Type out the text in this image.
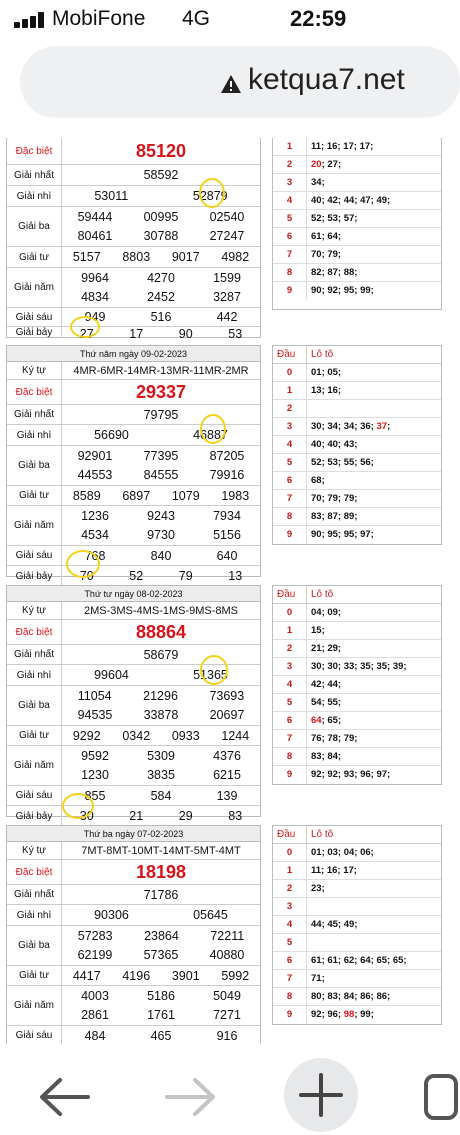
MobiFone 4G	22:59
ketqua7.net
Đặc biệt	85120
Giải nhất	58592
Giải nhì	53011	52879
Giải ba
59444 00995 02540
80461 30788 27247
Giải tư	5157 8803 9017 4982
Giải năm
9964	4270	1599
4834	2452	3287
Giải sáu	949	516	442
Giải bảy	27	17	90	53
1	11; 16; 17; 17;
2	20; 27;
3	34;
4	40; 42; 44; 47; 49;
5	52; 53; 57;
6	61; 64;
7	70; 79;
8	82; 87; 88;
9	90; 92; 95; 99;
Thứ năm ngày 09-02-2023
Ký tự	4MR-6MR-14MR-13MR-11MR-2MR
Đặc biệt	29337
Giải nhất	79795
Giải nhì	56690	46887
Giải ba
92901 77395 87205
44553 84555 79916
Giải tư	8589 6897 1079 1983
Giải năm
1236	9243	7934
4534	9730	5156
Giải sáu	768	840	640
Giải bảy	70	52	79	13
Đầu	Lô tô
0	01; 05;
1	13; 16;
2
3	30; 34; 34; 36; 37;
4	40; 40; 43;
5	52; 53; 55; 56;
6	68;
7	70; 79; 79;
8	83; 87; 89;
9	90; 95; 95; 97;
Thứ tư ngày 08-02-2023
Ký tự	2MS-3MS-4MS-1MS-9MS-8MS
Đặc biệt	88864
Giải nhất	58679
Giải nhì	99604	51365
Giải ba
11054	21296	73693
94535 33878 20697
Giải tư	9292 0342 0933 1244
Giải năm
9592	5309	4376
1230	3835	6215
Giải sáu	855	584	139
Giải bảy	30	21	29	83
Đầu	Lô tô
0	04; 09;
1	15;
2	21; 29;
3	30; 30; 33; 35; 35; 39;
4	42; 44;
5	54; 55;
6	64; 65;
7	76; 78; 79;
8	83; 84;
9	92; 92; 93; 96; 97;
Thứ ba ngày 07-02-2023
Ký tự	7MT-8MT-10MT-14MT-5MT-4MT
Đặc biệt	18198
Giải nhất	71786
Giải nhì	90306	05645
Giải ba
57283	23864	72211
62199 57365 40880
Giải tư	4417 4196 3901 5992
Giải năm
4003	5186	5049
2861	1761	7271
Giải sáu	484	465	916
Đầu	Lô tô
0	01; 03; 04; 06;
1	11; 16; 17;
2	23;
3
4	44; 45; 49;
5
6	61; 61; 62; 64; 65; 65;
7	71;
8	80; 83; 84; 86; 86;
9	92; 96; 98; 99;
